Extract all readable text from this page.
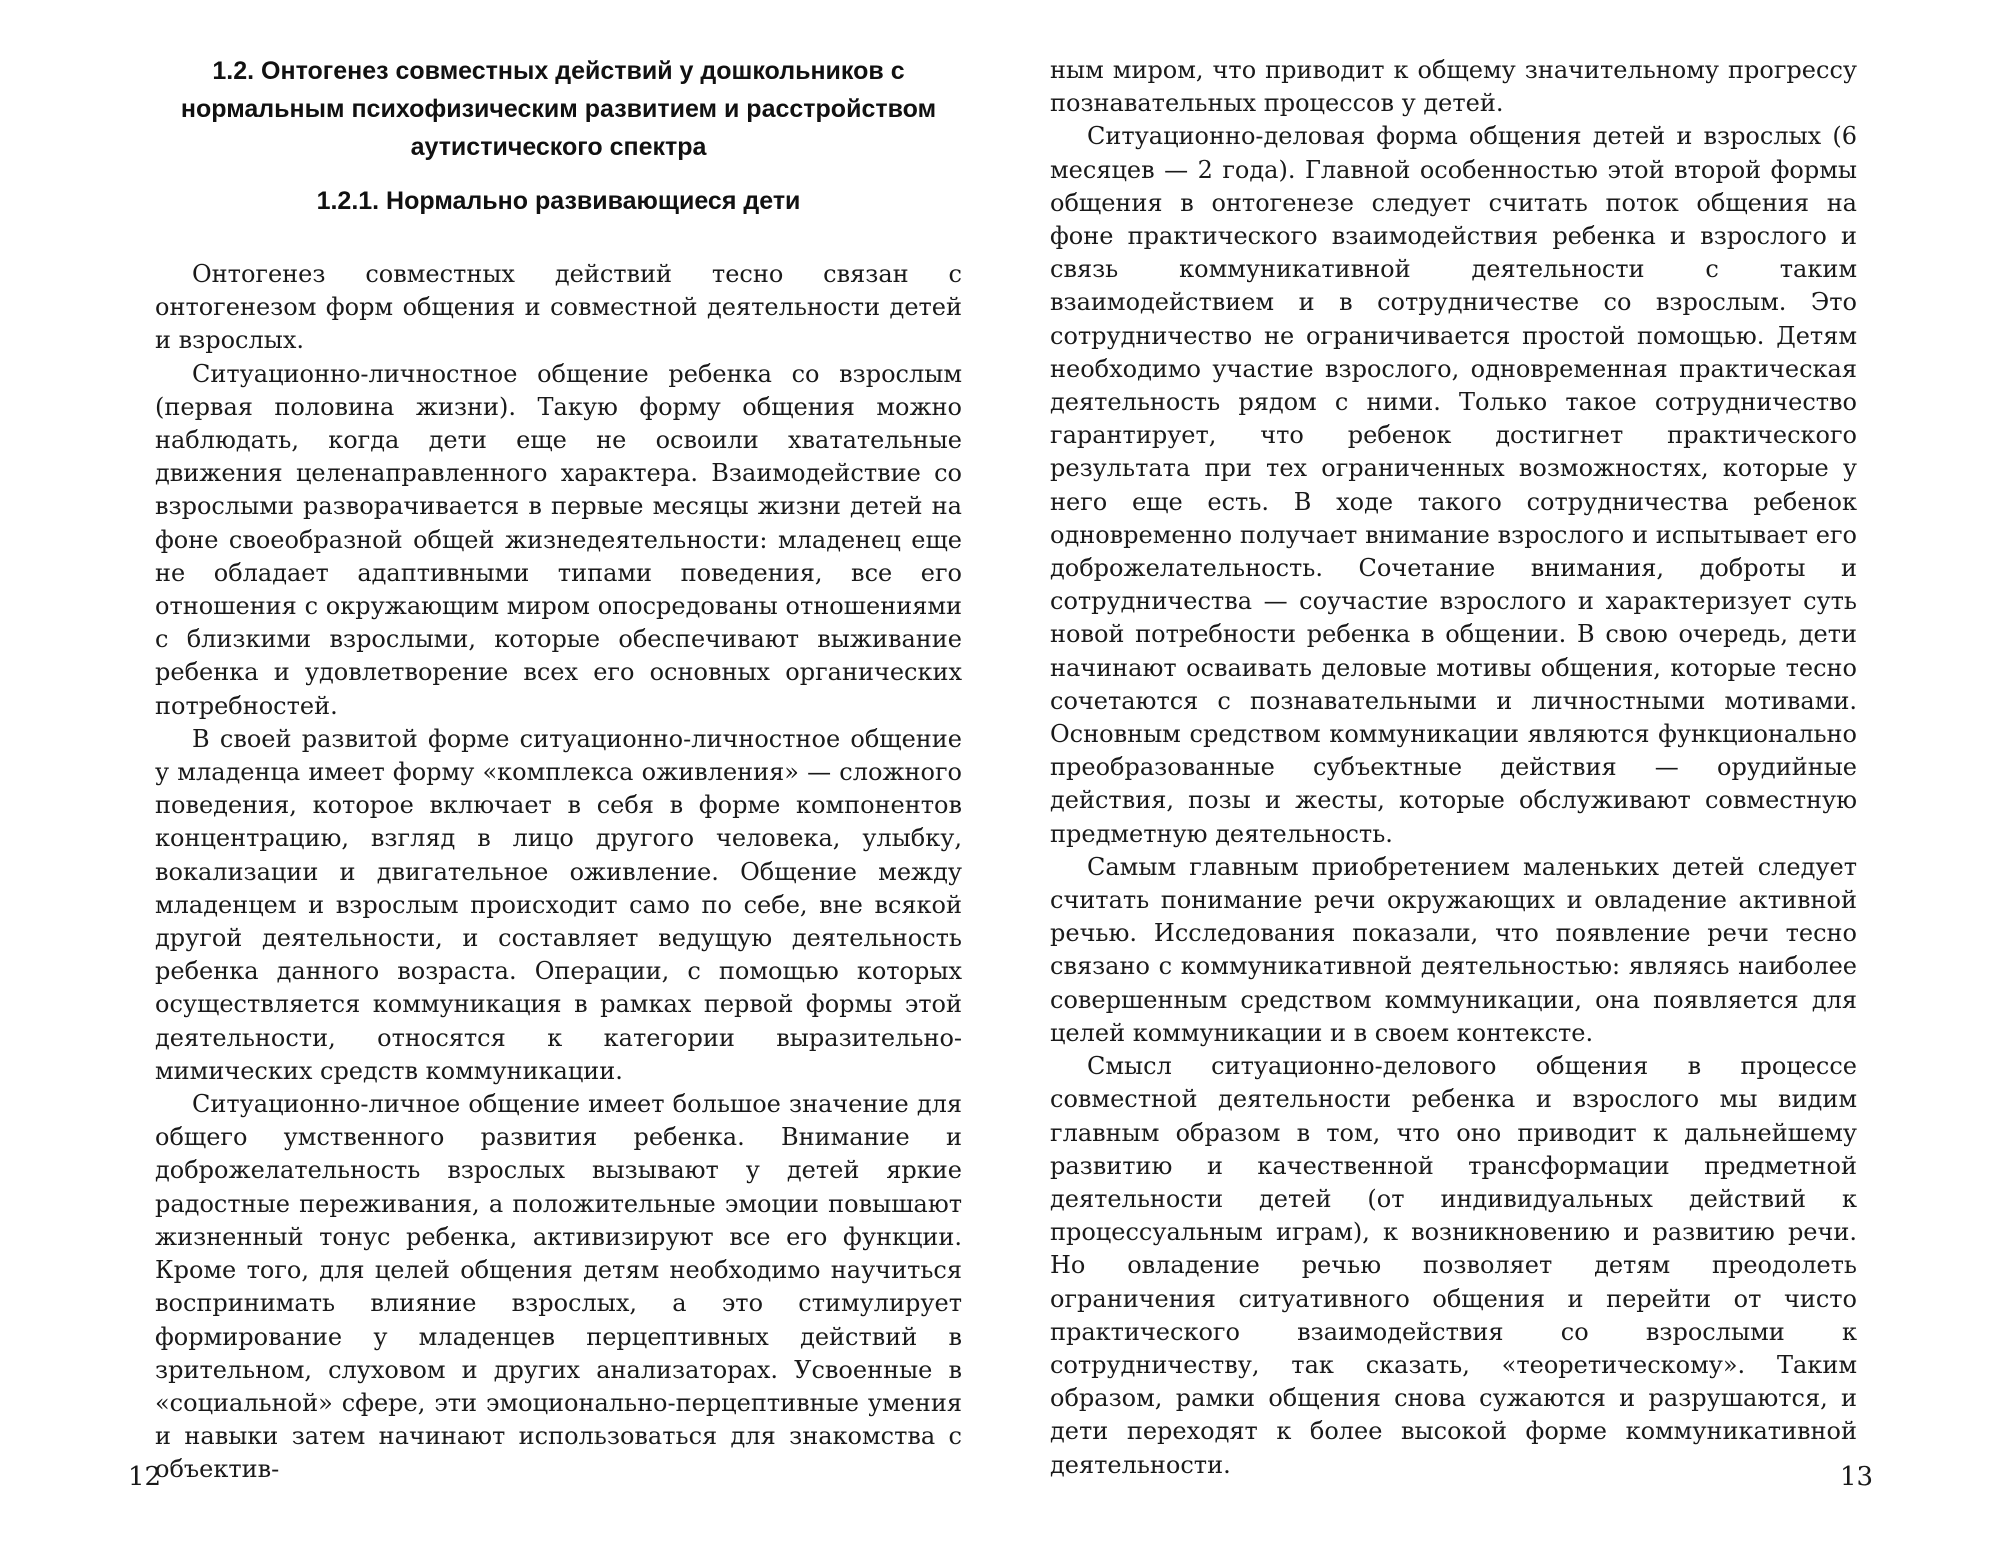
1.2. Онтогенез совместных действий у дошкольников с нормальным психофизическим развитием и расстройством аутистического спектра
1.2.1. Нормально развивающиеся дети

Онтогенез совместных действий тесно связан с онтогенезом форм общения и совместной деятельности детей и взрослых.

Ситуационно-личностное общение ребенка со взрослым (первая половина жизни). Такую форму общения можно наблюдать, когда дети еще не освоили хватательные движения целенаправленного характера. Взаимодействие со взрослыми разворачивается в первые месяцы жизни детей на фоне своеобразной общей жизнедеятельности: младенец еще не обладает адаптивными типами поведения, все его отношения с окружающим миром опосредованы отношениями с близкими взрослыми, которые обеспечивают выживание ребенка и удовлетворение всех его основных органических потребностей.

В своей развитой форме ситуационно-личностное общение у младенца имеет форму «комплекса оживления» — сложного поведения, которое включает в себя в форме компонентов концентрацию, взгляд в лицо другого человека, улыбку, вокализации и двигательное оживление. Общение между младенцем и взрослым происходит само по себе, вне всякой другой деятельности, и составляет ведущую деятельность ребенка данного возраста. Операции, с помощью которых осуществляется коммуникация в рамках первой формы этой деятельности, относятся к категории выразительно-мимических средств коммуникации.

Ситуационно-личное общение имеет большое значение для общего умственного развития ребенка. Внимание и доброжелательность взрослых вызывают у детей яркие радостные переживания, а положительные эмоции повышают жизненный тонус ребенка, активизируют все его функции. Кроме того, для целей общения детям необходимо научиться воспринимать влияние взрослых, а это стимулирует формирование у младенцев перцептивных действий в зрительном, слуховом и других анализаторах. Усвоенные в «социальной» сфере, эти эмоционально-перцептивные умения и навыки затем начинают использоваться для знакомства с объектив-

12

ным миром, что приводит к общему значительному прогрессу познавательных процессов у детей.

Ситуационно-деловая форма общения детей и взрослых (6 месяцев — 2 года). Главной особенностью этой второй формы общения в онтогенезе следует считать поток общения на фоне практического взаимодействия ребенка и взрослого и связь коммуникативной деятельности с таким взаимодействием и в сотрудничестве со взрослым. Это сотрудничество не ограничивается простой помощью. Детям необходимо участие взрослого, одновременная практическая деятельность рядом с ними. Только такое сотрудничество гарантирует, что ребенок достигнет практического результата при тех ограниченных возможностях, которые у него еще есть. В ходе такого сотрудничества ребенок одновременно получает внимание взрослого и испытывает его доброжелательность. Сочетание внимания, доброты и сотрудничества — соучастие взрослого и характеризует суть новой потребности ребенка в общении. В свою очередь, дети начинают осваивать деловые мотивы общения, которые тесно сочетаются с познавательными и личностными мотивами. Основным средством коммуникации являются функционально преобразованные субъектные действия — орудийные действия, позы и жесты, которые обслуживают совместную предметную деятельность.

Самым главным приобретением маленьких детей следует считать понимание речи окружающих и овладение активной речью. Исследования показали, что появление речи тесно связано с коммуникативной деятельностью: являясь наиболее совершенным средством коммуникации, она появляется для целей коммуникации и в своем контексте.

Смысл ситуационно-делового общения в процессе совместной деятельности ребенка и взрослого мы видим главным образом в том, что оно приводит к дальнейшему развитию и качественной трансформации предметной деятельности детей (от индивидуальных действий к процессуальным играм), к возникновению и развитию речи. Но овладение речью позволяет детям преодолеть ограничения ситуативного общения и перейти от чисто практического взаимодействия со взрослыми к сотрудничеству, так сказать, «теоретическому». Таким образом, рамки общения снова сужаются и разрушаются, и дети переходят к более высокой форме коммуникативной деятельности.	13
